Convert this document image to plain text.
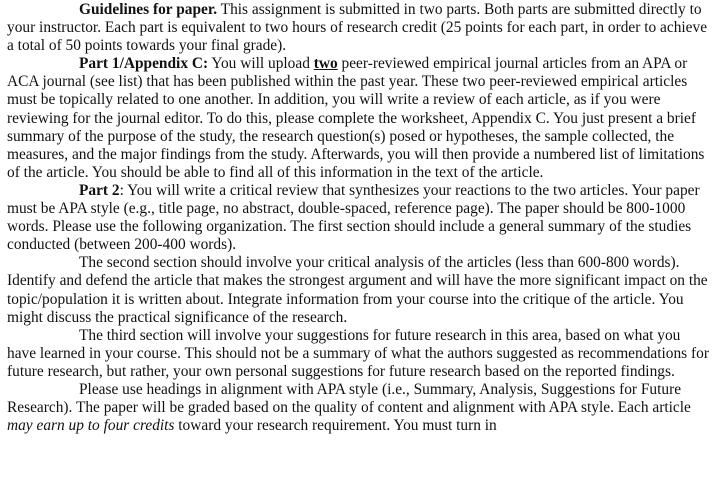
Guidelines for paper. This assignment is submitted in two parts. Both parts are submitted directly to your instructor. Each part is equivalent to two hours of research credit (25 points for each part, in order to achieve a total of 50 points towards your final grade).

Part 1/Appendix C: You will upload two peer-reviewed empirical journal articles from an APA or ACA journal (see list) that has been published within the past year. These two peer-reviewed empirical articles must be topically related to one another. In addition, you will write a review of each article, as if you were reviewing for the journal editor. To do this, please complete the worksheet, Appendix C. You just present a brief summary of the purpose of the study, the research question(s) posed or hypotheses, the sample collected, the measures, and the major findings from the study. Afterwards, you will then provide a numbered list of limitations of the article. You should be able to find all of this information in the text of the article.

Part 2: You will write a critical review that synthesizes your reactions to the two articles. Your paper must be APA style (e.g., title page, no abstract, double-spaced, reference page). The paper should be 800-1000 words. Please use the following organization. The first section should include a general summary of the studies conducted (between 200-400 words).

The second section should involve your critical analysis of the articles (less than 600-800 words). Identify and defend the article that makes the strongest argument and will have the more significant impact on the topic/population it is written about. Integrate information from your course into the critique of the article. You might discuss the practical significance of the research.

The third section will involve your suggestions for future research in this area, based on what you have learned in your course. This should not be a summary of what the authors suggested as recommendations for future research, but rather, your own personal suggestions for future research based on the reported findings.

Please use headings in alignment with APA style (i.e., Summary, Analysis, Suggestions for Future Research). The paper will be graded based on the quality of content and alignment with APA style. Each article may earn up to four credits toward your research requirement. You must turn in
